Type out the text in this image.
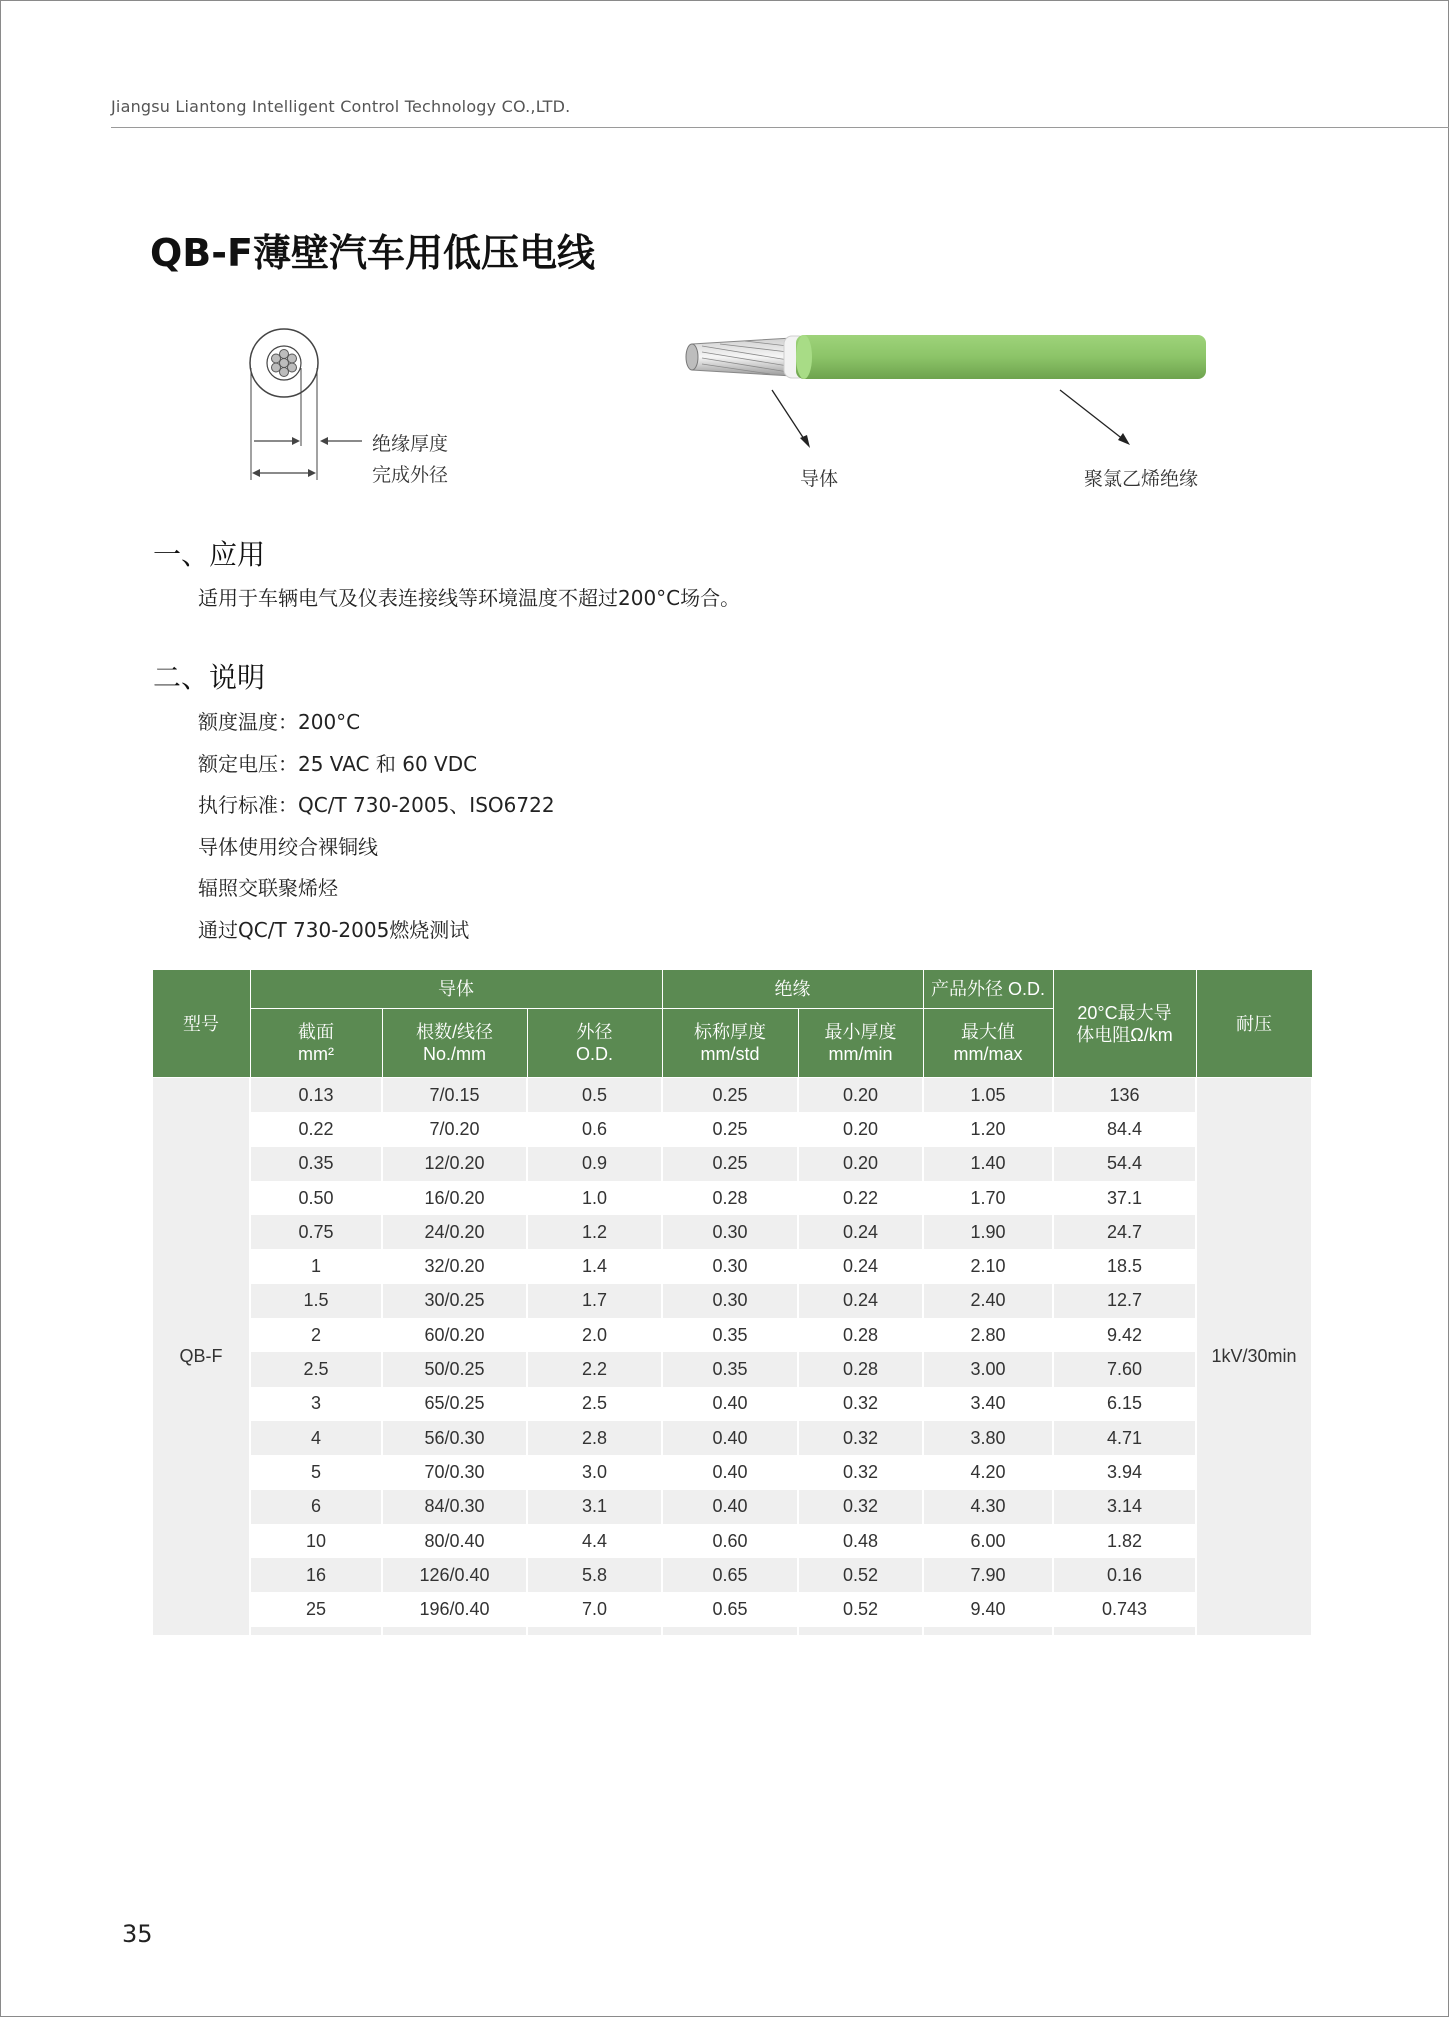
Jiangsu Liantong Intelligent Control Technology CO.,LTD.
QB-F薄壁汽车用低压电线
绝缘厚度
完成外径	导体	聚氯乙烯绝缘
一、应用
适用于车辆电气及仪表连接线等环境温度不超过200°C场合。
二、说明
额度温度：200°C
额定电压：25 VAC 和 60 VDC
执行标准：QC/T 730-2005、ISO6722
导体使用绞合裸铜线
辐照交联聚烯烃
通过QC/T 730-2005燃烧测试
型号	导体			绝缘		产品外径 O.D.	20°C最大导体电阻Ω/km	耐压

	截面 mm²	根数/线径 No./mm	外径 O.D.	标称厚度 mm/std	最小厚度 mm/min	最大值 mm/max		

QB-F	0.13	7/0.15	0.5	0.25	0.20	1.05	136	1kV/30min
	0.22	7/0.20	0.6	0.25	0.20	1.20	84.4	
	0.35	12/0.20	0.9	0.25	0.20	1.40	54.4	
	0.50	16/0.20	1.0	0.28	0.22	1.70	37.1	
	0.75	24/0.20	1.2	0.30	0.24	1.90	24.7	
	1	32/0.20	1.4	0.30	0.24	2.10	18.5	
	1.5	30/0.25	1.7	0.30	0.24	2.40	12.7	
	2	60/0.20	2.0	0.35	0.28	2.80	9.42	
	2.5	50/0.25	2.2	0.35	0.28	3.00	7.60	
	3	65/0.25	2.5	0.40	0.32	3.40	6.15	
	4	56/0.30	2.8	0.40	0.32	3.80	4.71	
	5	70/0.30	3.0	0.40	0.32	4.20	3.94	
	6	84/0.30	3.1	0.40	0.32	4.30	3.14	
	10	80/0.40	4.4	0.60	0.48	6.00	1.82	
	16	126/0.40	5.8	0.65	0.52	7.90	0.16	
	25	196/0.40	7.0	0.65	0.52	9.40	0.743	

35
